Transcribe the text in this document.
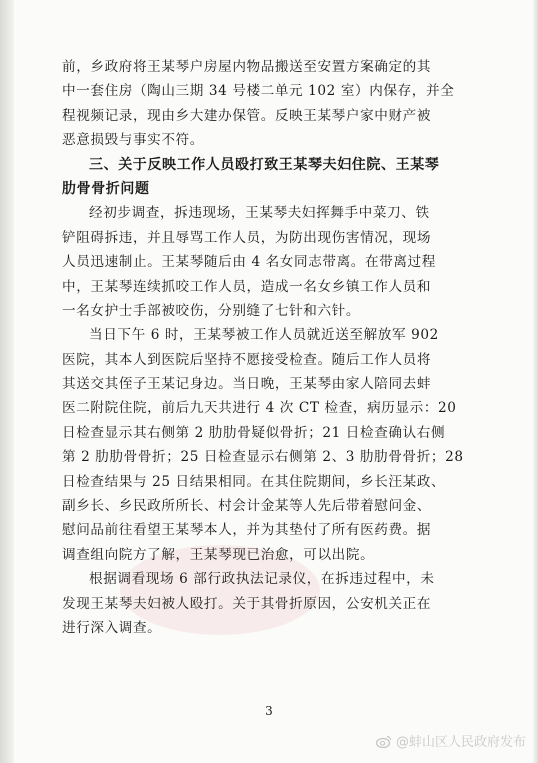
前，乡政府将王某琴户房屋内物品搬送至安置方案确定的其
中一套住房（陶山三期 34 号楼二单元 102 室）内保存，并全
程视频记录，现由乡大建办保管。反映王某琴户家中财产被
恶意损毁与事实不符。
三、关于反映工作人员殴打致王某琴夫妇住院、王某琴
肋骨骨折问题
经初步调查，拆违现场，王某琴夫妇挥舞手中菜刀、铁
铲阻碍拆违，并且辱骂工作人员，为防出现伤害情况，现场
人员迅速制止。王某琴随后由 4 名女同志带离。在带离过程
中，王某琴连续抓咬工作人员，造成一名女乡镇工作人员和
一名女护士手部被咬伤，分别缝了七针和六针。
当日下午 6 时，王某琴被工作人员就近送至解放军 902
医院，其本人到医院后坚持不愿接受检查。随后工作人员将
其送交其侄子王某记身边。当日晚，王某琴由家人陪同去蚌
医二附院住院，前后九天共进行 4 次 CT 检查，病历显示：20
日检查显示其右侧第 2 肋肋骨疑似骨折；21 日检查确认右侧
第 2 肋肋骨骨折；25 日检查显示右侧第 2、3 肋肋骨骨折；28
日检查结果与 25 日结果相同。在其住院期间，乡长汪某政、
副乡长、乡民政所所长、村会计金某等人先后带着慰问金、
慰问品前往看望王某琴本人，并为其垫付了所有医药费。据
调查组向院方了解，王某琴现已治愈，可以出院。
根据调看现场 6 部行政执法记录仪，在拆违过程中，未
发现王某琴夫妇被人殴打。关于其骨折原因，公安机关正在
进行深入调查。
3
@蚌山区人民政府发布
